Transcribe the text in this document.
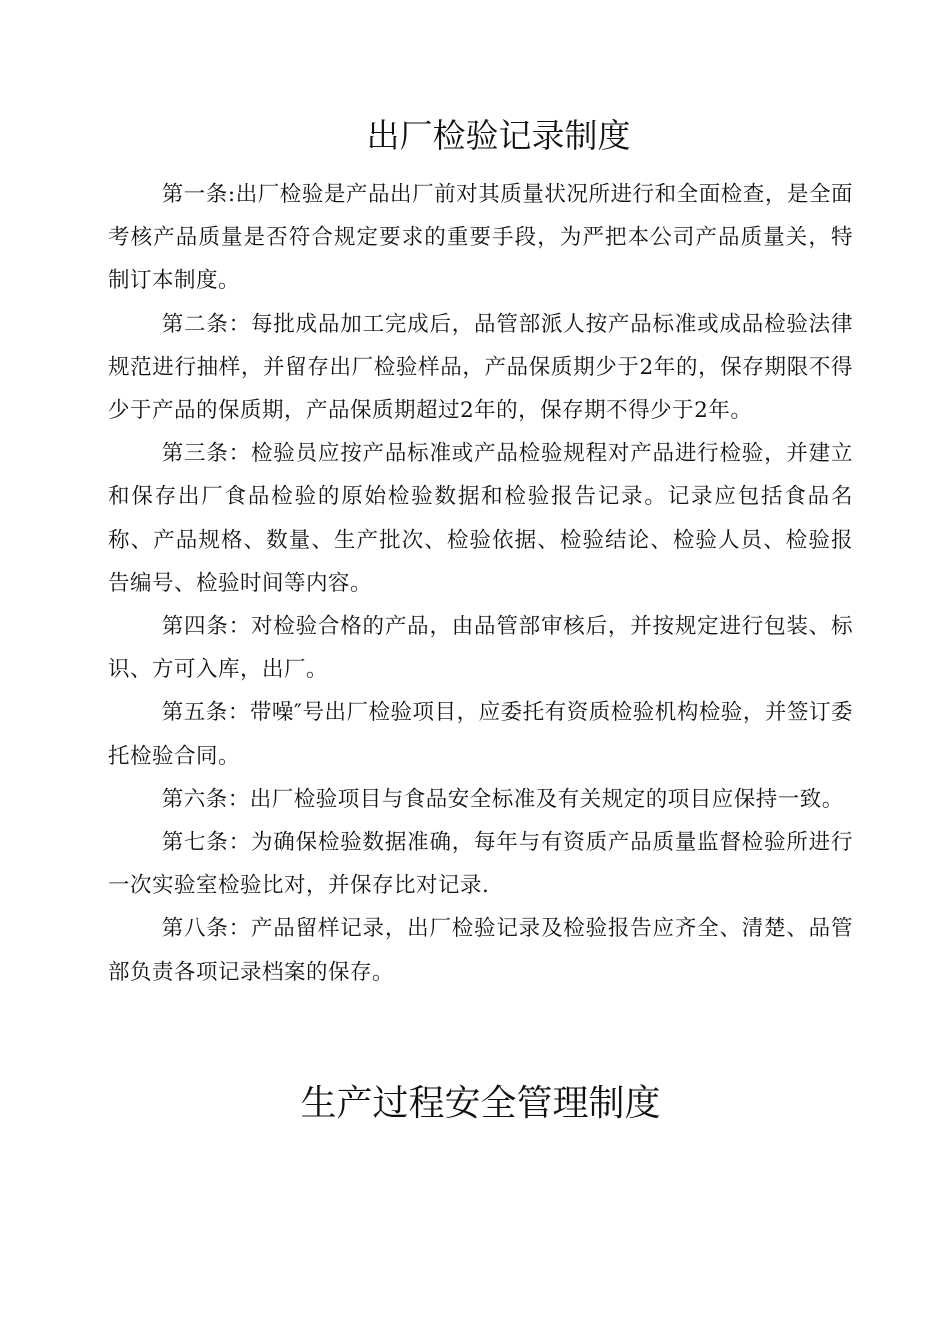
出厂检验记录制度

第一条:出厂检验是产品出厂前对其质量状况所进行和全面检查，是全面考核产品质量是否符合规定要求的重要手段，为严把本公司产品质量关，特制订本制度。

第二条：每批成品加工完成后，品管部派人按产品标准或成品检验法律规范进行抽样，并留存出厂检验样品，产品保质期少于2年的，保存期限不得少于产品的保质期，产品保质期超过2年的，保存期不得少于2年。

第三条：检验员应按产品标准或产品检验规程对产品进行检验，并建立和保存出厂食品检验的原始检验数据和检验报告记录。记录应包括食品名称、产品规格、数量、生产批次、检验依据、检验结论、检验人员、检验报告编号、检验时间等内容。

第四条：对检验合格的产品，由品管部审核后，并按规定进行包装、标识、方可入库，出厂。

第五条：带噪″号出厂检验项目，应委托有资质检验机构检验，并签订委托检验合同。

第六条：出厂检验项目与食品安全标准及有关规定的项目应保持一致。

第七条：为确保检验数据准确，每年与有资质产品质量监督检验所进行一次实验室检验比对，并保存比对记录.

第八条：产品留样记录，出厂检验记录及检验报告应齐全、清楚、品管部负责各项记录档案的保存。

生产过程安全管理制度
